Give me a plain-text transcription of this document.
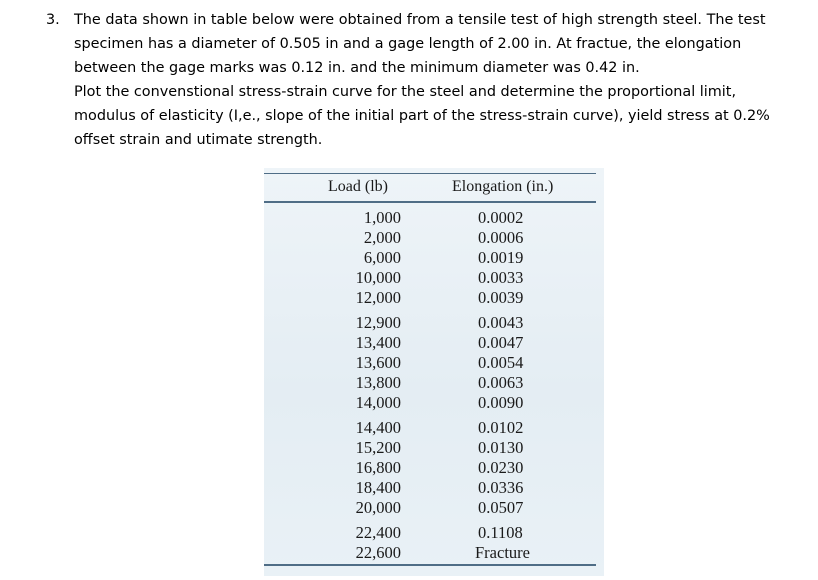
3. The data shown in table below were obtained from a tensile test of high strength steel. The test
specimen has a diameter of 0.505 in and a gage length of 2.00 in. At fractue, the elongation
between the gage marks was 0.12 in. and the minimum diameter was 0.42 in.
Plot the convenstional stress-strain curve for the steel and determine the proportional limit,
modulus of elasticity (I,e., slope of the initial part of the stress-strain curve), yield stress at 0.2%
offset strain and utimate strength.
Load (lb)	Elongation (in.)
1,000
2,000
6,000
10,000
12,000
12,900
13,400
13,600
13,800
14,000
14,400
15,200
16,800
18,400
20,000
22,400
22,600
0.0002
0.0006
0.0019
0.0033
0.0039
0.0043
0.0047
0.0054
0.0063
0.0090
0.0102
0.0130
0.0230
0.0336
0.0507
0.1108
Fracture
